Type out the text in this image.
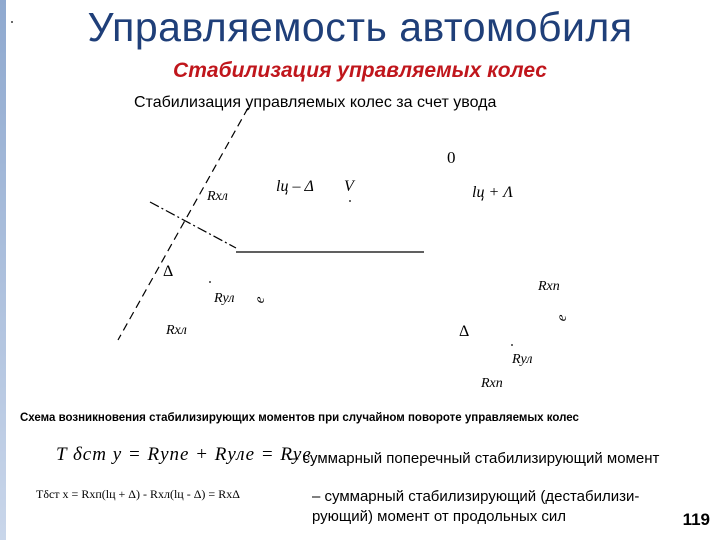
Управляемость автомобиля
Стабилизация управляемых колес
Стабилизация управляемых колес за счет увода
0
lц – Δ V	lц + Λ
Rxл
Δ
Rул e
Rxл
Rxп
e
Δ
Rул
Rxп
Схема возникновения стабилизирующих моментов при случайном повороте управляемых колес
T δст у = Rупe + Rулe = Rуe
– суммарный поперечный стабилизирующий момент
Tδст х = Rхп(lц + Δ) - Rхл(lц - Δ) = RхΔ	– суммарный стабилизирующий (дестабилизи-рующий) момент от продольных сил	119
